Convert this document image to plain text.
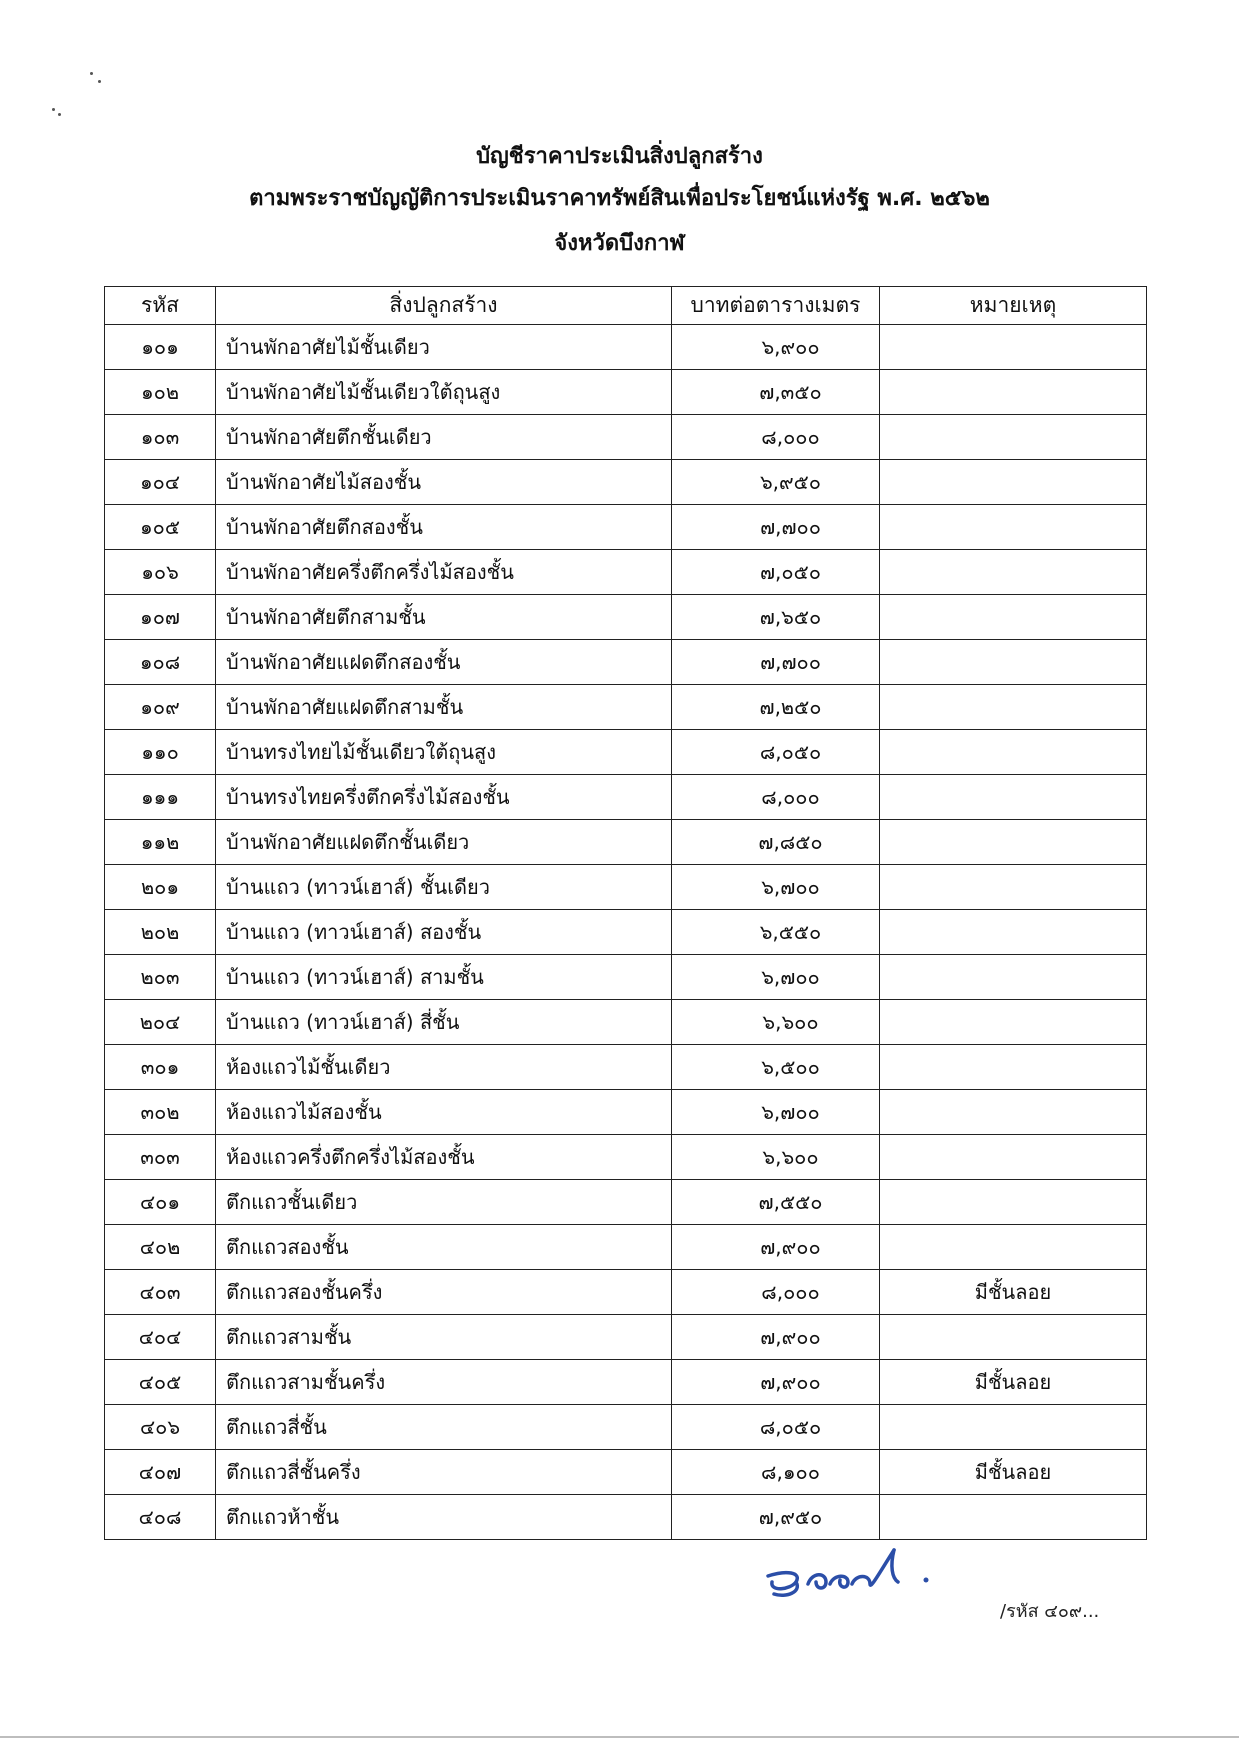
บัญชีราคาประเมินสิ่งปลูกสร้าง
ตามพระราชบัญญัติการประเมินราคาทรัพย์สินเพื่อประโยชน์แห่งรัฐ พ.ศ. ๒๕๖๒
จังหวัดบึงกาฬ
รหัส	สิ่งปลูกสร้าง	บาทต่อตารางเมตร	หมายเหตุ
๑๐๑	บ้านพักอาศัยไม้ชั้นเดียว	๖,๙๐๐	
๑๐๒	บ้านพักอาศัยไม้ชั้นเดียวใต้ถุนสูง	๗,๓๕๐	
๑๐๓	บ้านพักอาศัยตึกชั้นเดียว	๘,๐๐๐	
๑๐๔	บ้านพักอาศัยไม้สองชั้น	๖,๙๕๐	
๑๐๕	บ้านพักอาศัยตึกสองชั้น	๗,๗๐๐	
๑๐๖	บ้านพักอาศัยครึ่งตึกครึ่งไม้สองชั้น	๗,๐๕๐	
๑๐๗	บ้านพักอาศัยตึกสามชั้น	๗,๖๕๐	
๑๐๘	บ้านพักอาศัยแฝดตึกสองชั้น	๗,๗๐๐	
๑๐๙	บ้านพักอาศัยแฝดตึกสามชั้น	๗,๒๕๐	
๑๑๐	บ้านทรงไทยไม้ชั้นเดียวใต้ถุนสูง	๘,๐๕๐	
๑๑๑	บ้านทรงไทยครึ่งตึกครึ่งไม้สองชั้น	๘,๐๐๐	
๑๑๒	บ้านพักอาศัยแฝดตึกชั้นเดียว	๗,๘๕๐	
๒๐๑	บ้านแถว (ทาวน์เฮาส์) ชั้นเดียว	๖,๗๐๐	
๒๐๒	บ้านแถว (ทาวน์เฮาส์) สองชั้น	๖,๕๕๐	
๒๐๓	บ้านแถว (ทาวน์เฮาส์) สามชั้น	๖,๗๐๐	
๒๐๔	บ้านแถว (ทาวน์เฮาส์) สี่ชั้น	๖,๖๐๐	
๓๐๑	ห้องแถวไม้ชั้นเดียว	๖,๕๐๐	
๓๐๒	ห้องแถวไม้สองชั้น	๖,๗๐๐	
๓๐๓	ห้องแถวครึ่งตึกครึ่งไม้สองชั้น	๖,๖๐๐	
๔๐๑	ตึกแถวชั้นเดียว	๗,๕๕๐	
๔๐๒	ตึกแถวสองชั้น	๗,๙๐๐	
๔๐๓	ตึกแถวสองชั้นครึ่ง	๘,๐๐๐	มีชั้นลอย
๔๐๔	ตึกแถวสามชั้น	๗,๙๐๐	
๔๐๕	ตึกแถวสามชั้นครึ่ง	๗,๙๐๐	มีชั้นลอย
๔๐๖	ตึกแถวสี่ชั้น	๘,๐๕๐	
๔๐๗	ตึกแถวสี่ชั้นครึ่ง	๘,๑๐๐	มีชั้นลอย
๔๐๘	ตึกแถวห้าชั้น	๗,๙๕๐	
/รหัส ๔๐๙...
